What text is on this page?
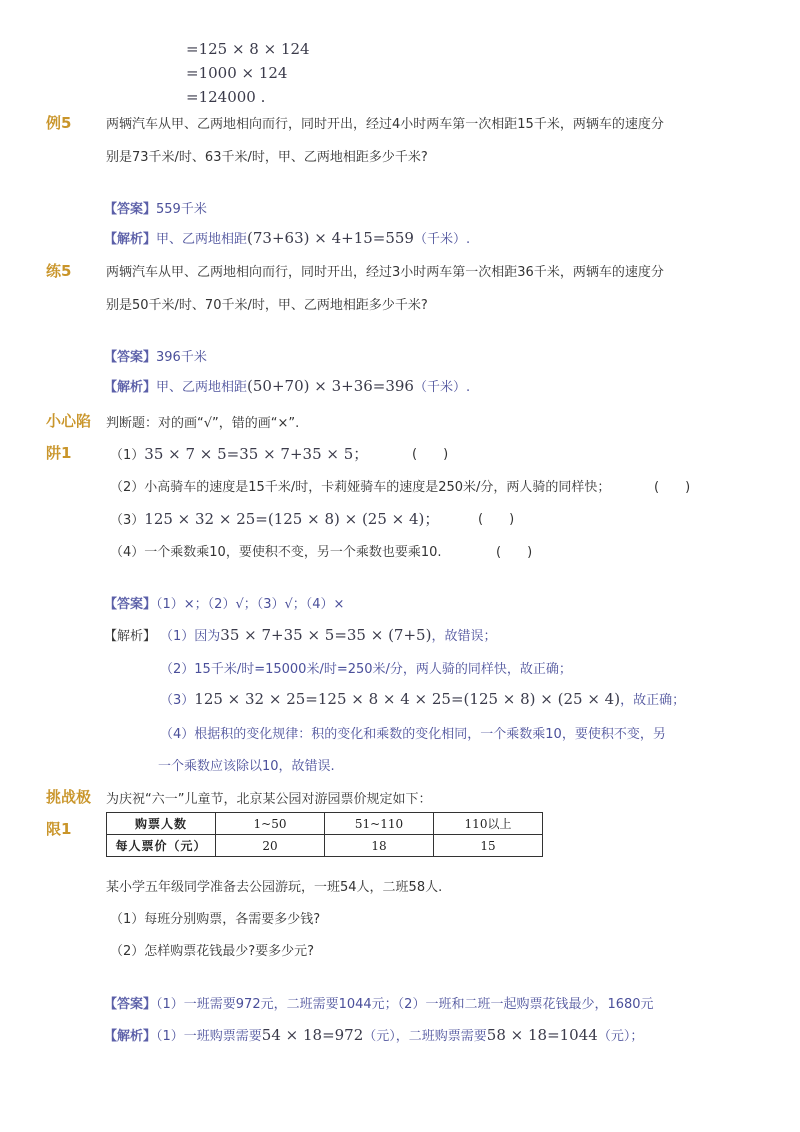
=125 × 8 × 124
=1000 × 124
=124000 .
例5	两辆汽车从甲、乙两地相向而行，同时开出，经过4小时两车第一次相距15千米，两辆车的速度分
别是73千米/时、63千米/时，甲、乙两地相距多少千米?
【答案】559千米
【解析】甲、乙两地相距(73+63) × 4+15=559（千米）.
练5	两辆汽车从甲、乙两地相向而行，同时开出，经过3小时两车第一次相距36千米，两辆车的速度分
别是50千米/时、70千米/时，甲、乙两地相距多少千米?
【答案】396千米
【解析】甲、乙两地相距(50+70) × 3+36=396（千米）.
小心陷
阱1
判断题：对的画“√”，错的画“×”.
（1）35 × 7 × 5=35 × 7+35 × 5；	(　　)
（2）小高骑车的速度是15千米/时，卡莉娅骑车的速度是250米/分，两人骑的同样快；	(　　)
（3）125 × 32 × 25=(125 × 8) × (25 × 4)；	(　　)
（4）一个乘数乘10，要使积不变，另一个乘数也要乘10.	(　　)
【答案】（1）×；（2）√；（3）√；（4）×
【解析】 （1）因为35 × 7+35 × 5=35 × (7+5)，故错误；
（2）15千米/时=15000米/时=250米/分，两人骑的同样快，故正确；
（3）125 × 32 × 25=125 × 8 × 4 × 25=(125 × 8) × (25 × 4)，故正确；
（4）根据积的变化规律：积的变化和乘数的变化相同，一个乘数乘10，要使积不变，另
一个乘数应该除以10，故错误.
挑战极
限1
为庆祝“六一”儿童节，北京某公园对游园票价规定如下：
购票人数	1~50	51~110	110以上
每人票价（元）	20	18	15
某小学五年级同学准备去公园游玩，一班54人，二班58人.
（1）每班分别购票，各需要多少钱?
（2）怎样购票花钱最少?要多少元?
【答案】（1）一班需要972元，二班需要1044元；（2）一班和二班一起购票花钱最少，1680元
【解析】（1）一班购票需要54 × 18=972（元），二班购票需要58 × 18=1044（元）；
